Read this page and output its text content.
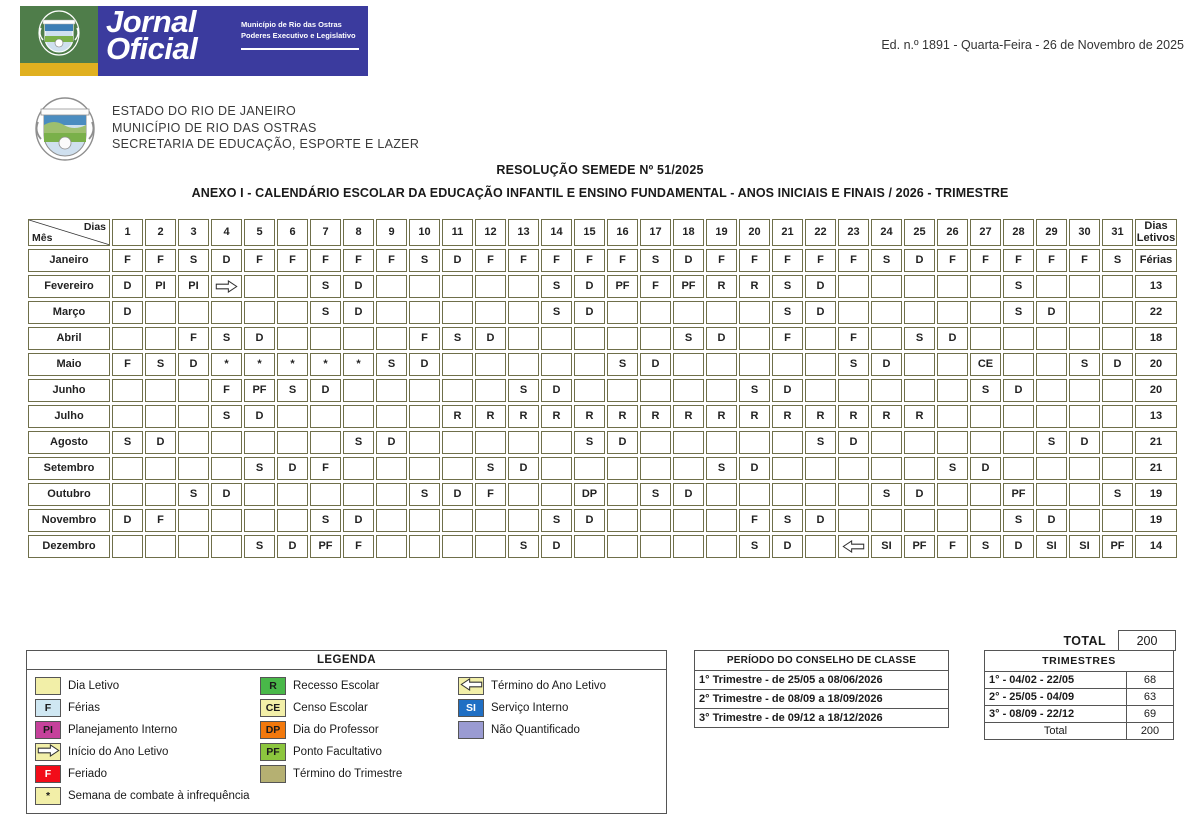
Jornal
Oficial
Município de Rio das Ostras
Poderes Executivo e Legislativo
Ed. n.º 1891 - Quarta-Feira - 26 de Novembro de 2025
ESTADO DO RIO DE JANEIRO
MUNICÍPIO DE RIO DAS OSTRAS
SECRETARIA DE EDUCAÇÃO, ESPORTE E LAZER
RESOLUÇÃO SEMEDE Nº 51/2025
ANEXO I - CALENDÁRIO ESCOLAR DA EDUCAÇÃO INFANTIL E ENSINO FUNDAMENTAL - ANOS INICIAIS E FINAIS / 2026 - TRIMESTRE
Dias
Mês	1	2	3	4	5	6	7	8	9	10	11	12	13	14	15	16	17	18	19	20	21	22	23	24	25	26	27	28	29	30	31	
Dias
Letivos

Janeiro	F	F	S	D	F	F	F	F	F	S	D	F	F	F	F	F	S	D	F	F	F	F	F	S	D	F	F	F	F	F	S	Férias
Fevereiro	D	PI	PI				S	D						S	D	PF	F	PF	R	R	S	D						S				13
Março	D						S	D						S	D						S	D						S	D			22
Abril			F	S	D					F	S	D						S	D		F		F		S	D						18
Maio	F	S	D	*	*	*	*	*	S	D						S	D						S	D			CE			S	D	20
Junho				F	PF	S	D						S	D						S	D						S	D				20
Julho				S	D						R	R	R	R	R	R	R	R	R	R	R	R	R	R	R							13
Agosto	S	D						S	D						S	D						S	D						S	D		21
Setembro					S	D	F					S	D						S	D						S	D					21
Outubro			S	D						S	D	F			DP		S	D						S	D			PF			S	19
Novembro	D	F					S	D						S	D					F	S	D						S	D			19
Dezembro					S	D	PF	F					S	D						S	D			SI	PF	F	S	D	SI	SI	PF	14
TOTAL	200
LEGENDA
Dia Letivo
F	Férias
PI	Planejamento Interno
Início do Ano Letivo
F	Feriado
*	Semana de combate à infrequência
R	Recesso Escolar
CE	Censo Escolar
DP	Dia do Professor
PF	Ponto Facultativo
Término do Trimestre
Término do Ano Letivo
SI	Serviço Interno
Não Quantificado
PERÍODO DO CONSELHO DE CLASSE
1° Trimestre - de 25/05 a 08/06/2026
2° Trimestre - de 08/09 a 18/09/2026
3° Trimestre - de 09/12 a 18/12/2026
TRIMESTRES
1° - 04/02 - 22/05	68
2° - 25/05 - 04/09	63
3° - 08/09 - 22/12	69
Total	200
